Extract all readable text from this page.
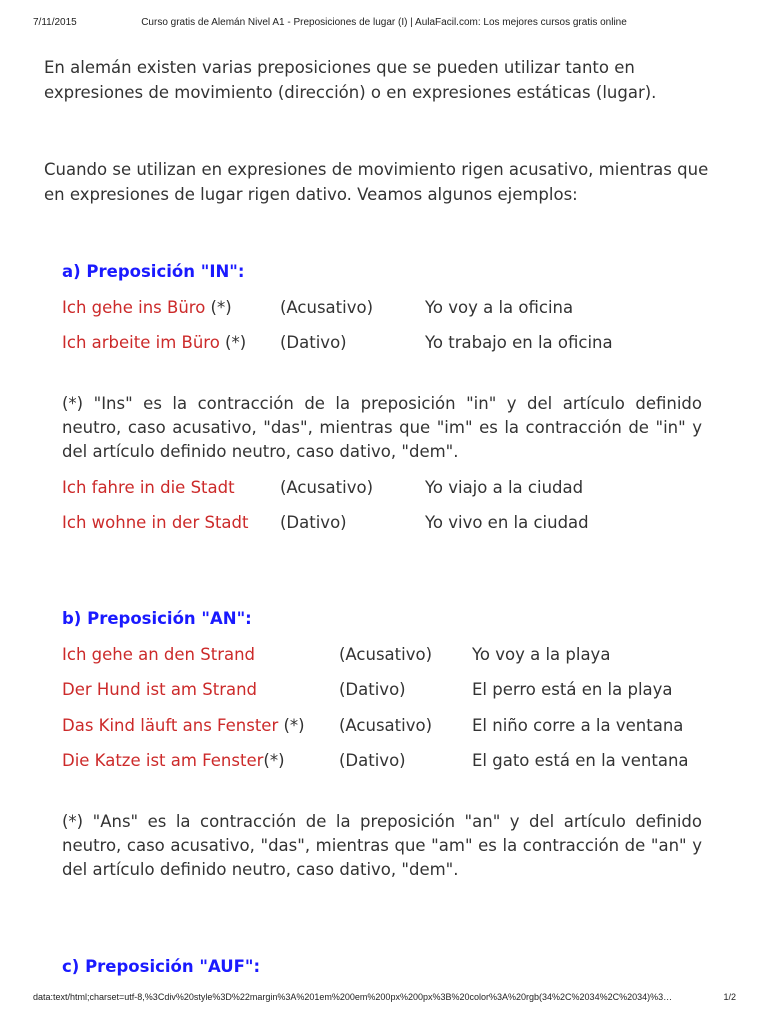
7/11/2015	Curso gratis de Alemán Nivel A1 - Preposiciones de lugar (I) | AulaFacil.com: Los mejores cursos gratis online

En alemán existen varias preposiciones que se pueden utilizar tanto en expresiones de movimiento (dirección) o en expresiones estáticas (lugar).

Cuando se utilizan en expresiones de movimiento rigen acusativo, mientras que en expresiones de lugar rigen dativo. Veamos algunos ejemplos:

a) Preposición "IN":
Ich gehe ins Büro (*)	(Acusativo)	Yo voy a la oficina
Ich arbeite im Büro (*) (Dativo)	Yo trabajo en la oficina

(*) "Ins" es la contracción de la preposición "in" y del artículo definido neutro, caso acusativo, "das", mientras que "im" es la contracción de "in" y del artículo definido neutro, caso dativo, "dem".

Ich fahre in die Stadt	(Acusativo)	Yo viajo a la ciudad
Ich wohne in der Stadt (Dativo)	Yo vivo en la ciudad
b) Preposición "AN":
Ich gehe an den Strand	(Acusativo) Yo voy a la playa
Der Hund ist am Strand	(Dativo)	El perro está en la playa
Das Kind läuft ans Fenster (*) (Acusativo) El niño corre a la ventana
Die Katze ist am Fenster(*)	(Dativo)	El gato está en la ventana

(*) "Ans" es la contracción de la preposición "an" y del artículo definido neutro, caso acusativo, "das", mientras que "am" es la contracción de "an" y del artículo definido neutro, caso dativo, "dem".

c) Preposición "AUF":
data:text/html;charset=utf-8,%3Cdiv%20style%3D%22margin%3A%201em%200em%200px%200px%3B%20color%3A%20rgb(34%2C%2034%2C%2034)%3…	1/2
